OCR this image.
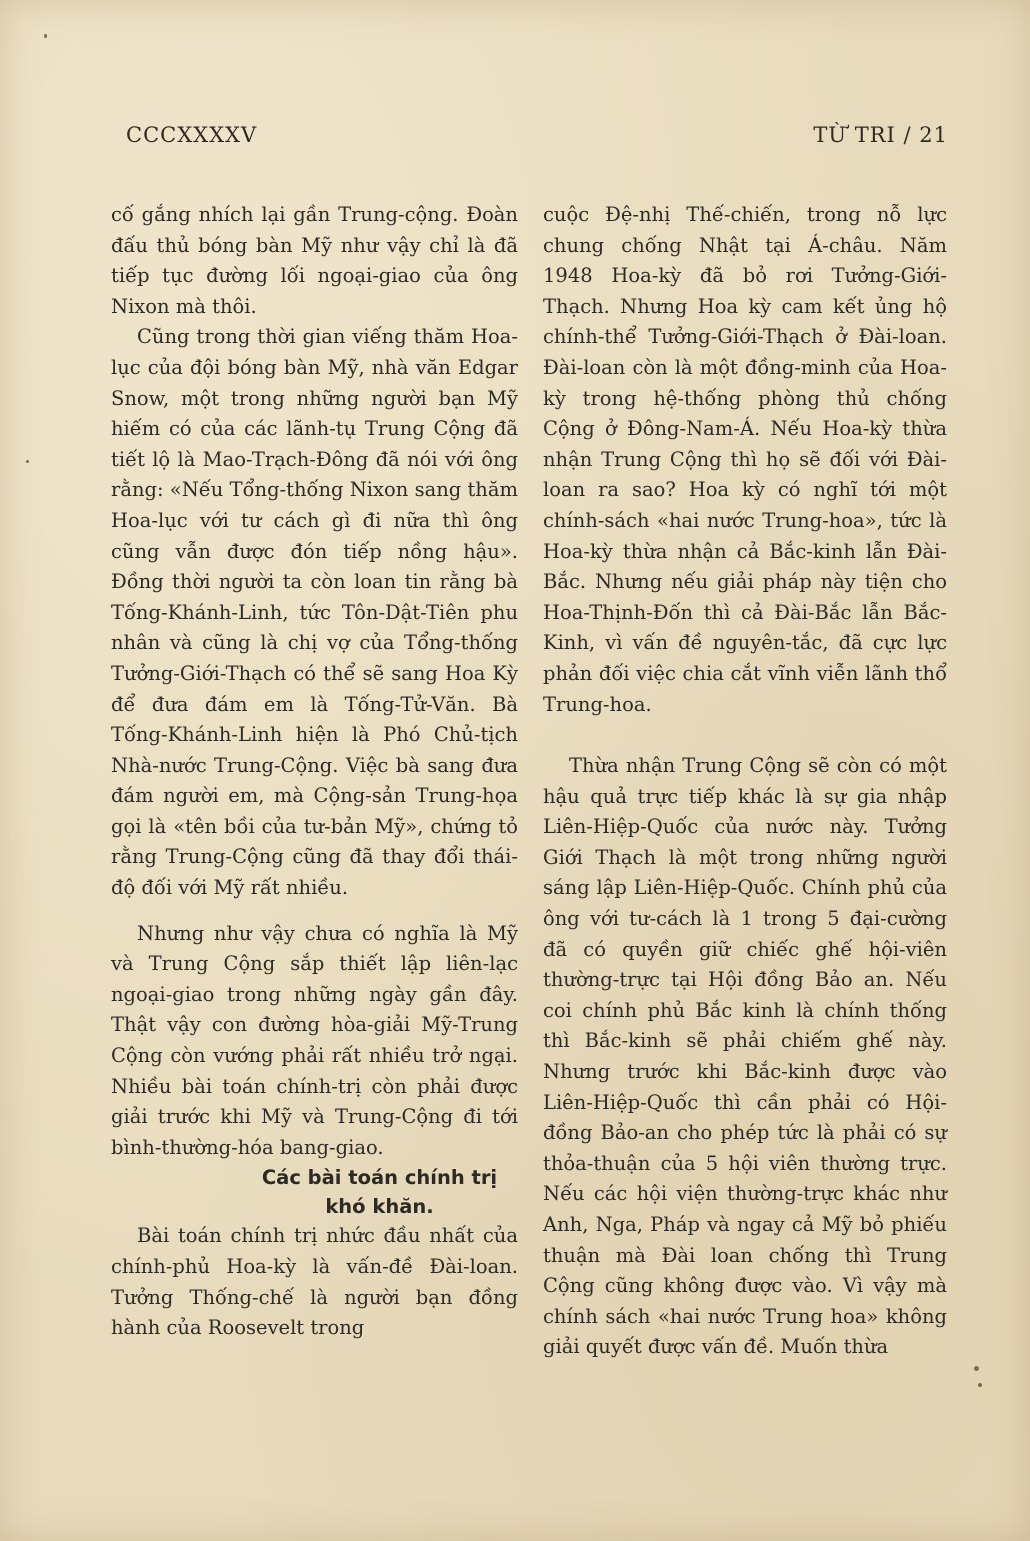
CCCXXXXV	TỪ TRI / 21

cố gắng nhích lại gần Trung-cộng. Đoàn đấu thủ bóng bàn Mỹ như vậy chỉ là đã tiếp tục đường lối ngoại-giao của ông Nixon mà thôi.

Cũng trong thời gian viếng thăm Hoa-lục của đội bóng bàn Mỹ, nhà văn Edgar Snow, một trong những người bạn Mỹ hiếm có của các lãnh-tụ Trung Cộng đã tiết lộ là Mao-Trạch-Đông đã nói với ông rằng: «Nếu Tổng-thống Nixon sang thăm Hoa-lục với tư cách gì đi nữa thì ông cũng vẫn được đón tiếp nồng hậu». Đồng thời người ta còn loan tin rằng bà Tống-Khánh-Linh, tức Tôn-Dật-Tiên phu nhân và cũng là chị vợ của Tổng-thống Tưởng-Giới-Thạch có thể sẽ sang Hoa Kỳ để đưa đám em là Tống-Tử-Văn. Bà Tống-Khánh-Linh hiện là Phó Chủ-tịch Nhà-nước Trung-Cộng. Việc bà sang đưa đám người em, mà Cộng-sản Trung-họa gọi là «tên bồi của tư-bản Mỹ», chứng tỏ rằng Trung-Cộng cũng đã thay đổi thái-độ đối với Mỹ rất nhiều.

Nhưng như vậy chưa có nghĩa là Mỹ và Trung Cộng sắp thiết lập liên-lạc ngoại-giao trong những ngày gần đây. Thật vậy con đường hòa-giải Mỹ-Trung Cộng còn vướng phải rất nhiều trở ngại. Nhiều bài toán chính-trị còn phải được giải trước khi Mỹ và Trung-Cộng đi tới bình-thường-hóa bang-giao.

Các bài toán chính trị khó khăn.

Bài toán chính trị nhức đầu nhất của chính-phủ Hoa-kỳ là vấn-đề Đài-loan. Tưởng Thống-chế là người bạn đồng hành của Roosevelt trong

cuộc Đệ-nhị Thế-chiến, trong nỗ lực chung chống Nhật tại Á-châu. Năm 1948 Hoa-kỳ đã bỏ rơi Tưởng-Giới-Thạch. Nhưng Hoa kỳ cam kết ủng hộ chính-thể Tưởng-Giới-Thạch ở Đài-loan. Đài-loan còn là một đồng-minh của Hoa-kỳ trong hệ-thống phòng thủ chống Cộng ở Đông-Nam-Á. Nếu Hoa-kỳ thừa nhận Trung Cộng thì họ sẽ đối với Đài-loan ra sao? Hoa kỳ có nghĩ tới một chính-sách «hai nước Trung-hoa», tức là Hoa-kỳ thừa nhận cả Bắc-kinh lẫn Đài-Bắc. Nhưng nếu giải pháp này tiện cho Hoa-Thịnh-Đốn thì cả Đài-Bắc lẫn Bắc-Kinh, vì vấn đề nguyên-tắc, đã cực lực phản đối việc chia cắt vĩnh viễn lãnh thổ Trung-hoa.

Thừa nhận Trung Cộng sẽ còn có một hậu quả trực tiếp khác là sự gia nhập Liên-Hiệp-Quốc của nước này. Tưởng Giới Thạch là một trong những người sáng lập Liên-Hiệp-Quốc. Chính phủ của ông với tư-cách là 1 trong 5 đại-cường đã có quyền giữ chiếc ghế hội-viên thường-trực tại Hội đồng Bảo an. Nếu coi chính phủ Bắc kinh là chính thống thì Bắc-kinh sẽ phải chiếm ghế này. Nhưng trước khi Bắc-kinh được vào Liên-Hiệp-Quốc thì cần phải có Hội-đồng Bảo-an cho phép tức là phải có sự thỏa-thuận của 5 hội viên thường trực. Nếu các hội viện thường-trực khác như Anh, Nga, Pháp và ngay cả Mỹ bỏ phiếu thuận mà Đài loan chống thì Trung Cộng cũng không được vào. Vì vậy mà chính sách «hai nước Trung hoa» không giải quyết được vấn đề. Muốn thừa
